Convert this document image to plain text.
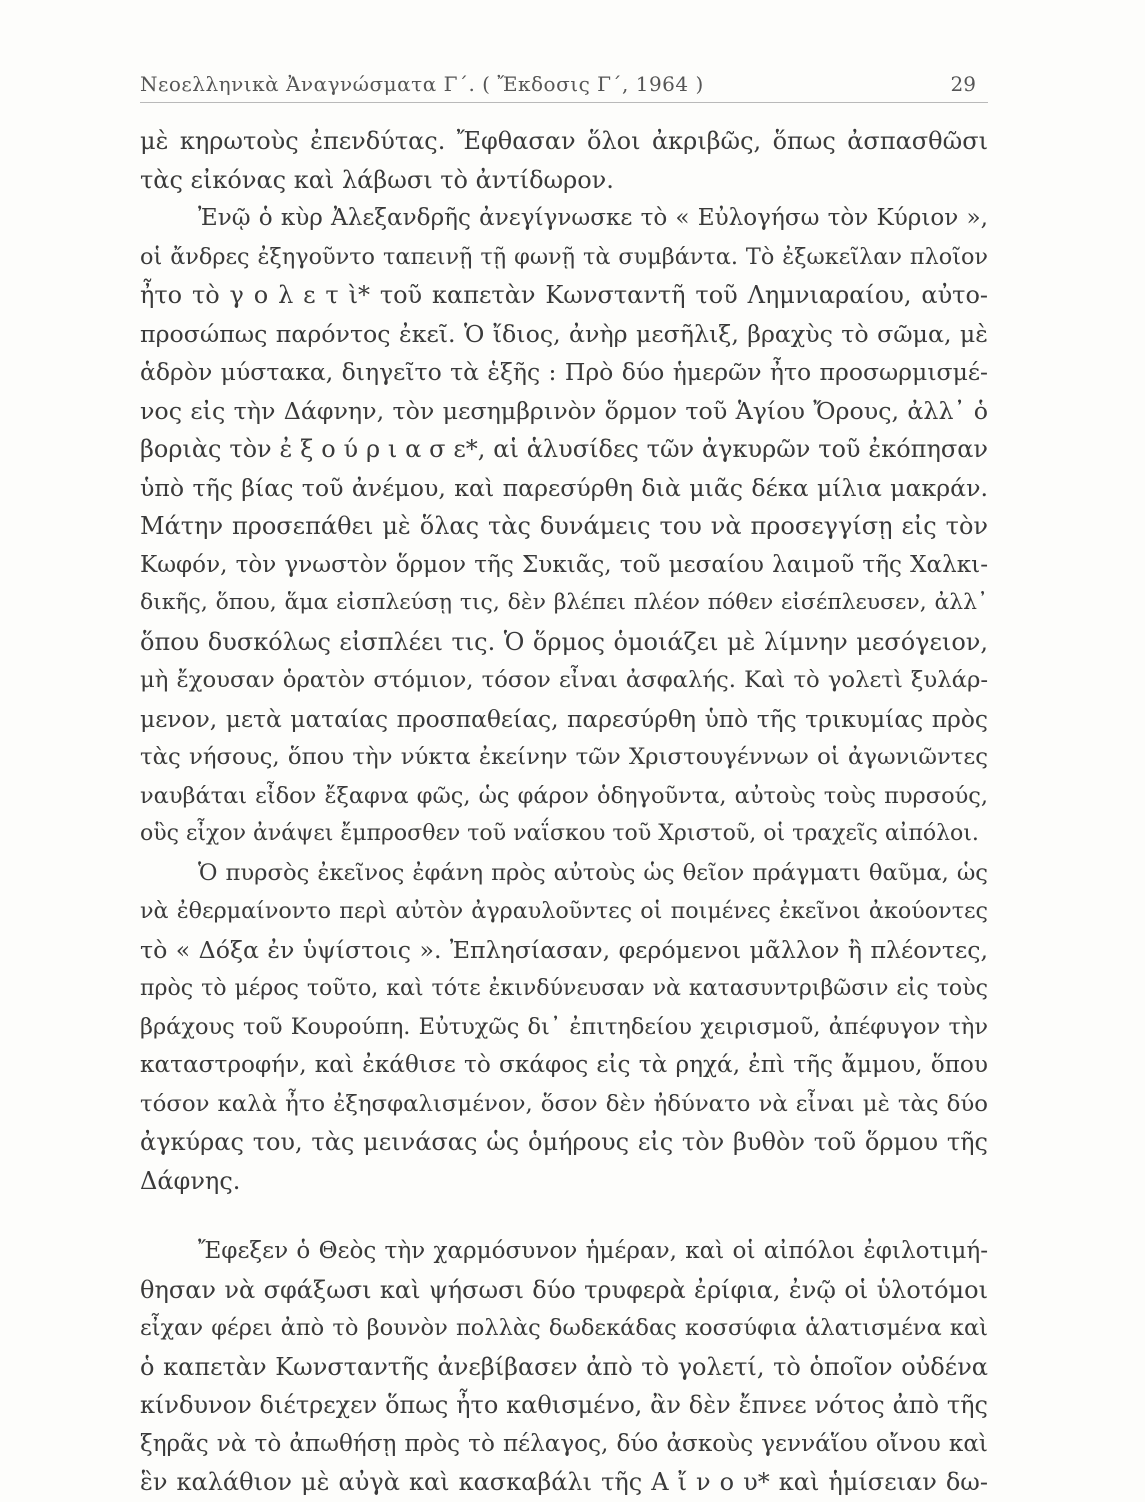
Νεοελληνικὰ Ἀναγνώσματα Γ΄. ( Ἔκδοσις Γ΄, 1964 )	29
μὲ κηρωτοὺς ἐπενδύτας. Ἔφθασαν ὅλοι ἀκριβῶς, ὅπως ἀσπασθῶσι
τὰς εἰκόνας καὶ λάβωσι τὸ ἀντίδωρον.
Ἐνῷ ὁ κὺρ Ἀλεξανδρῆς ἀνεγίγνωσκε τὸ « Εὐλογήσω τὸν Κύριον »,
οἱ ἄνδρες ἐξηγοῦντο ταπεινῇ τῇ φωνῇ τὰ συμβάντα. Τὸ ἐξωκεῖλαν πλοῖον
ἦτο τὸ γ ο λ ε τ ὶ* τοῦ καπετὰν Κωνσταντῆ τοῦ Λημνιαραίου, αὐτο-
προσώπως παρόντος ἐκεῖ. Ὁ ἴδιος, ἀνὴρ μεσῆλιξ, βραχὺς τὸ σῶμα, μὲ
ἁδρὸν μύστακα, διηγεῖτο τὰ ἑξῆς : Πρὸ δύο ἡμερῶν ἦτο προσωρμισμέ-
νος εἰς τὴν Δάφνην, τὸν μεσημβρινὸν ὅρμον τοῦ Ἁγίου Ὄρους, ἀλλ᾽ ὁ
βοριὰς τὸν ἐ ξ ο ύ ρ ι α σ ε*, αἱ ἁλυσίδες τῶν ἀγκυρῶν τοῦ ἐκόπησαν
ὑπὸ τῆς βίας τοῦ ἀνέμου, καὶ παρεσύρθη διὰ μιᾶς δέκα μίλια μακράν.
Μάτην προσεπάθει μὲ ὅλας τὰς δυνάμεις του νὰ προσεγγίσῃ εἰς τὸν
Κωφόν, τὸν γνωστὸν ὅρμον τῆς Συκιᾶς, τοῦ μεσαίου λαιμοῦ τῆς Χαλκι-
δικῆς, ὅπου, ἅμα εἰσπλεύσῃ τις, δὲν βλέπει πλέον πόθεν εἰσέπλευσεν, ἀλλ᾽
ὅπου δυσκόλως εἰσπλέει τις. Ὁ ὅρμος ὁμοιάζει μὲ λίμνην μεσόγειον,
μὴ ἔχουσαν ὁρατὸν στόμιον, τόσον εἶναι ἀσφαλής. Καὶ τὸ γολετὶ ξυλάρ-
μενον, μετὰ ματαίας προσπαθείας, παρεσύρθη ὑπὸ τῆς τρικυμίας πρὸς
τὰς νήσους, ὅπου τὴν νύκτα ἐκείνην τῶν Χριστουγέννων οἱ ἀγωνιῶντες
ναυβάται εἶδον ἔξαφνα φῶς, ὡς φάρον ὁδηγοῦντα, αὐτοὺς τοὺς πυρσούς,
οὓς εἶχον ἀνάψει ἔμπροσθεν τοῦ ναΐσκου τοῦ Χριστοῦ, οἱ τραχεῖς αἰπόλοι.
Ὁ πυρσὸς ἐκεῖνος ἐφάνη πρὸς αὐτοὺς ὡς θεῖον πράγματι θαῦμα, ὡς
νὰ ἐθερμαίνοντο περὶ αὐτὸν ἀγραυλοῦντες οἱ ποιμένες ἐκεῖνοι ἀκούοντες
τὸ « Δόξα ἐν ὑψίστοις ». Ἐπλησίασαν, φερόμενοι μᾶλλον ἢ πλέοντες,
πρὸς τὸ μέρος τοῦτο, καὶ τότε ἐκινδύνευσαν νὰ κατασυντριβῶσιν εἰς τοὺς
βράχους τοῦ Κουρούπη. Εὐτυχῶς δι᾽ ἐπιτηδείου χειρισμοῦ, ἀπέφυγον τὴν
καταστροφήν, καὶ ἐκάθισε τὸ σκάφος εἰς τὰ ρηχά, ἐπὶ τῆς ἄμμου, ὅπου
τόσον καλὰ ἦτο ἐξησφαλισμένον, ὅσον δὲν ἠδύνατο νὰ εἶναι μὲ τὰς δύο
ἀγκύρας του, τὰς μεινάσας ὡς ὁμήρους εἰς τὸν βυθὸν τοῦ ὅρμου τῆς
Δάφνης.
Ἔφεξεν ὁ Θεὸς τὴν χαρμόσυνον ἡμέραν, καὶ οἱ αἰπόλοι ἐφιλοτιμή-
θησαν νὰ σφάξωσι καὶ ψήσωσι δύο τρυφερὰ ἐρίφια, ἐνῷ οἱ ὑλοτόμοι
εἶχαν φέρει ἀπὸ τὸ βουνὸν πολλὰς δωδεκάδας κοσσύφια ἁλατισμένα καὶ
ὁ καπετὰν Κωνσταντῆς ἀνεβίβασεν ἀπὸ τὸ γολετί, τὸ ὁποῖον οὐδένα
κίνδυνον διέτρεχεν ὅπως ἦτο καθισμένο, ἂν δὲν ἔπνεε νότος ἀπὸ τῆς
ξηρᾶς νὰ τὸ ἀπωθήσῃ πρὸς τὸ πέλαγος, δύο ἀσκοὺς γεννάἵου οἴνου καὶ
ἓν καλάθιον μὲ αὐγὰ καὶ κασκαβάλι τῆς Α ἴ ν ο υ* καὶ ἡμίσειαν δω-
